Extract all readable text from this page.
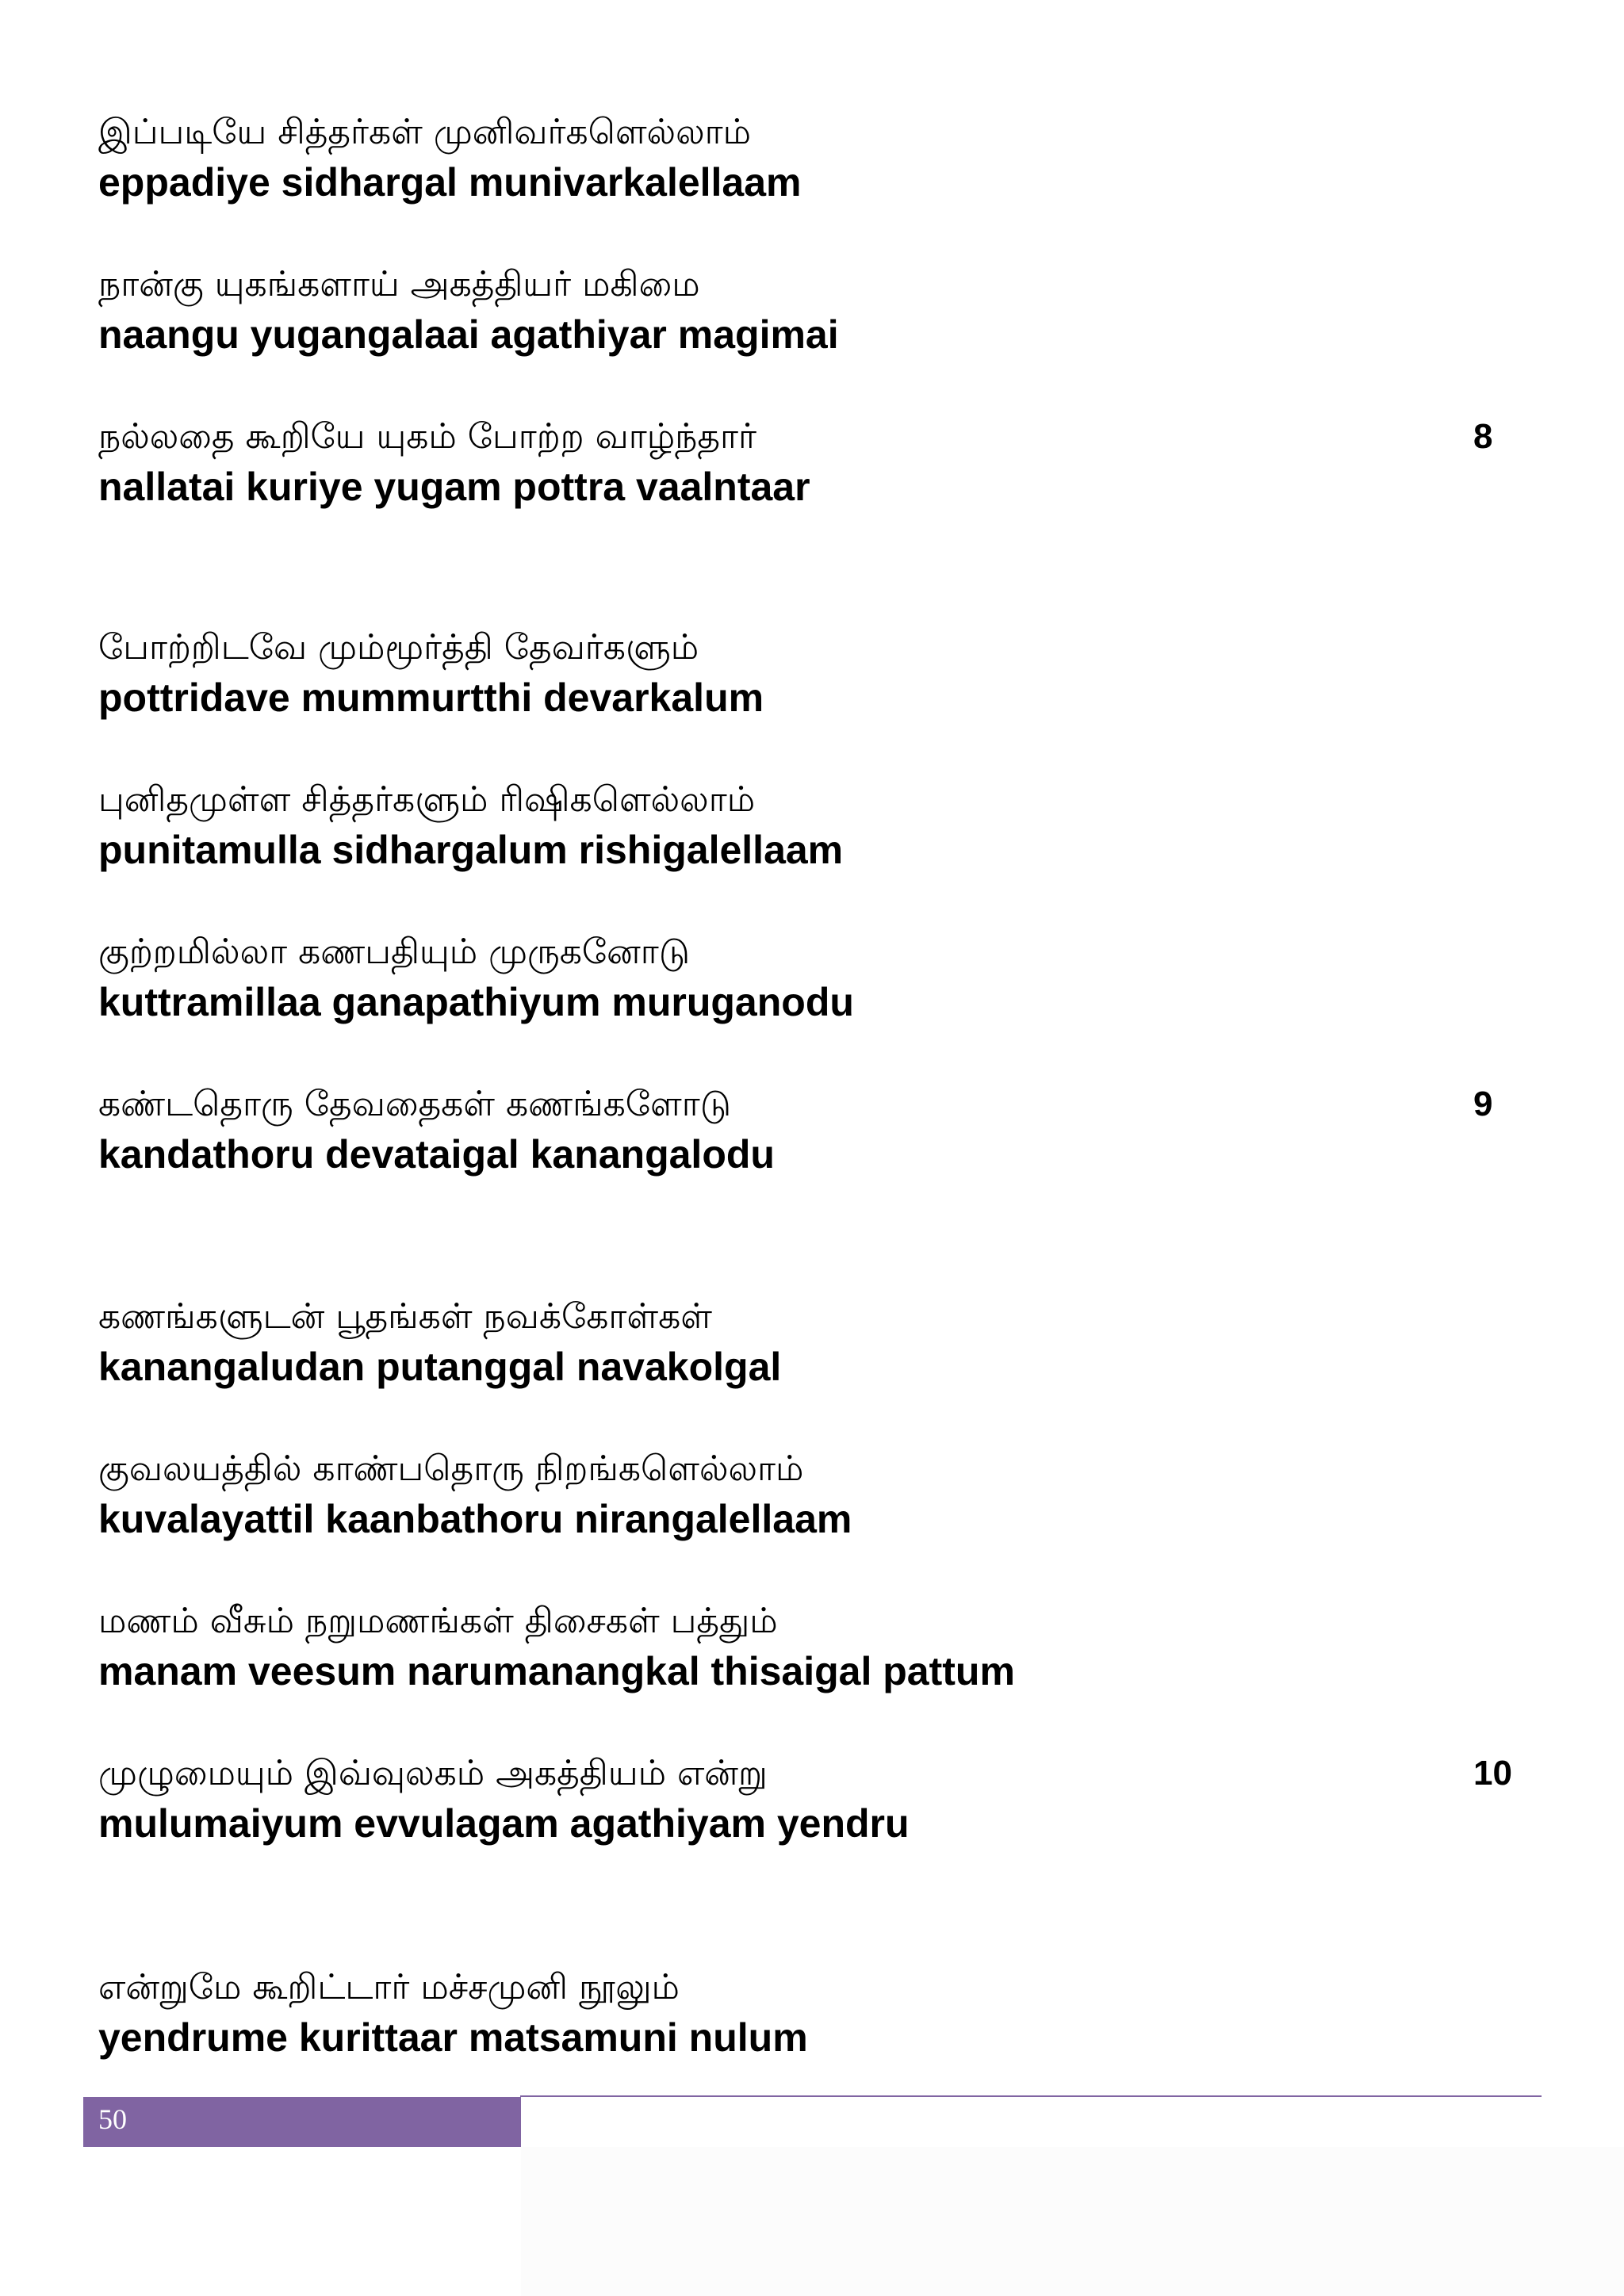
இப்படியே சித்தர்கள் முனிவர்களெல்லாம்
eppadiye sidhargal munivarkalellaam
நான்கு யுகங்களாய் அகத்தியர் மகிமை
naangu yugangalaai agathiyar magimai
நல்லதை கூறியே யுகம் போற்ற வாழ்ந்தார்
nallatai kuriye yugam pottra vaalntaar
8
போற்றிடவே மும்மூர்த்தி தேவர்களும்
pottridave mummurtthi devarkalum
புனிதமுள்ள சித்தர்களும் ரிஷிகளெல்லாம்
punitamulla sidhargalum rishigalellaam
குற்றமில்லா கணபதியும் முருகனோடு
kuttramillaa ganapathiyum muruganodu
கண்டதொரு தேவதைகள் கணங்களோடு
kandathoru devataigal kanangalodu
9
கணங்களுடன் பூதங்கள் நவக்கோள்கள்
kanangaludan putanggal navakolgal
குவலயத்தில் காண்பதொரு நிறங்களெல்லாம்
kuvalayattil kaanbathoru nirangalellaam
மணம் வீசும் நறுமணங்கள் திசைகள் பத்தும்
manam veesum narumanangkal thisaigal pattum
முழுமையும் இவ்வுலகம் அகத்தியம் என்று
mulumaiyum evvulagam agathiyam yendru
10
என்றுமே கூறிட்டார் மச்சமுனி நூலும்
yendrume kurittaar matsamuni nulum
50
